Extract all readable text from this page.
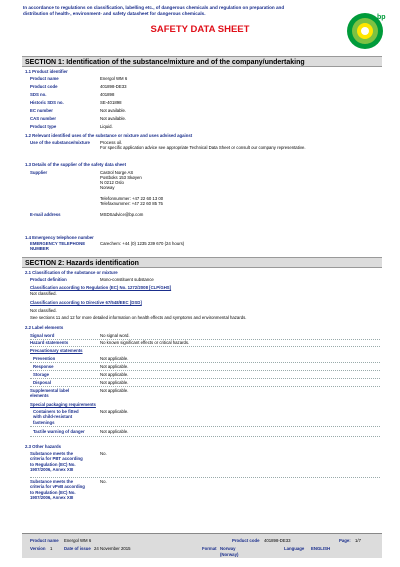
In accordance to regulations on classification, labelling etc., of dangerous chemicals and regulation on preparation and distribution of health-, environment- and safety datasheet for dangerous chemicals.
SAFETY DATA SHEET
bp
SECTION 1: Identification of the substance/mixture and of the company/undertaking
1.1 Product identifier
Product name	Energol WM 6
Product code	401898-DE33
SDS no.	401898
Historic SDS no.	SE-401898
EC number	Not available.
CAS number	Not available.
Product type	Liquid.
1.2 Relevant identified uses of the substance or mixture and uses advised against
Use of the substance/mixture Process oil.
For specific application advice see appropriate Technical Data Sheet or consult our company representative.
1.3 Details of the supplier of the safety data sheet
Supplier	Castrol Norge AS
Postboks 153 Skøyen
N 0212 Oslo
Norway
Telefonnummer: +47 22 60 13 00
Telefaxnummer: +47 22 60 85 75
E-mail address	MSDSadvice@bp.com
1.4 Emergency telephone number
EMERGENCY TELEPHONE NUMBER
Carechem: +44 (0) 1235 239 670 (24 hours)
SECTION 2: Hazards identification
2.1 Classification of the substance or mixture
Product definition	Mono-constituent substance
Classification according to Regulation (EC) No. 1272/2008 [CLP/GHS]
Not classified.
Classification according to Directive 67/548/EEC [DSD]
Not classified.
See sections 11 and 12 for more detailed information on health effects and symptoms and environmental hazards.
2.2 Label elements
Signal word	No signal word.
Hazard statements	No known significant effects or critical hazards.
Precautionary statements
Prevention	Not applicable.
Response	Not applicable.
Storage	Not applicable.
Disposal	Not applicable.
Supplemental label elements
Not applicable.
Special packaging requirements
Containers to be fitted with child-resistant fastenings
Not applicable.
Tactile warning of danger	Not applicable.
2.3 Other hazards
Substance meets the criteria for PBT according to Regulation (EC) No. 1907/2006, Annex XIII
No.
Substance meets the criteria for vPvB according to Regulation (EC) No. 1907/2006, Annex XIII
No.
Product name Energol WM 6	Product code 401898-DE33	Page: 1/7
Version 1	Date of issue 24 November 2015	Format Norway
(Norway)
Language ENGLISH
